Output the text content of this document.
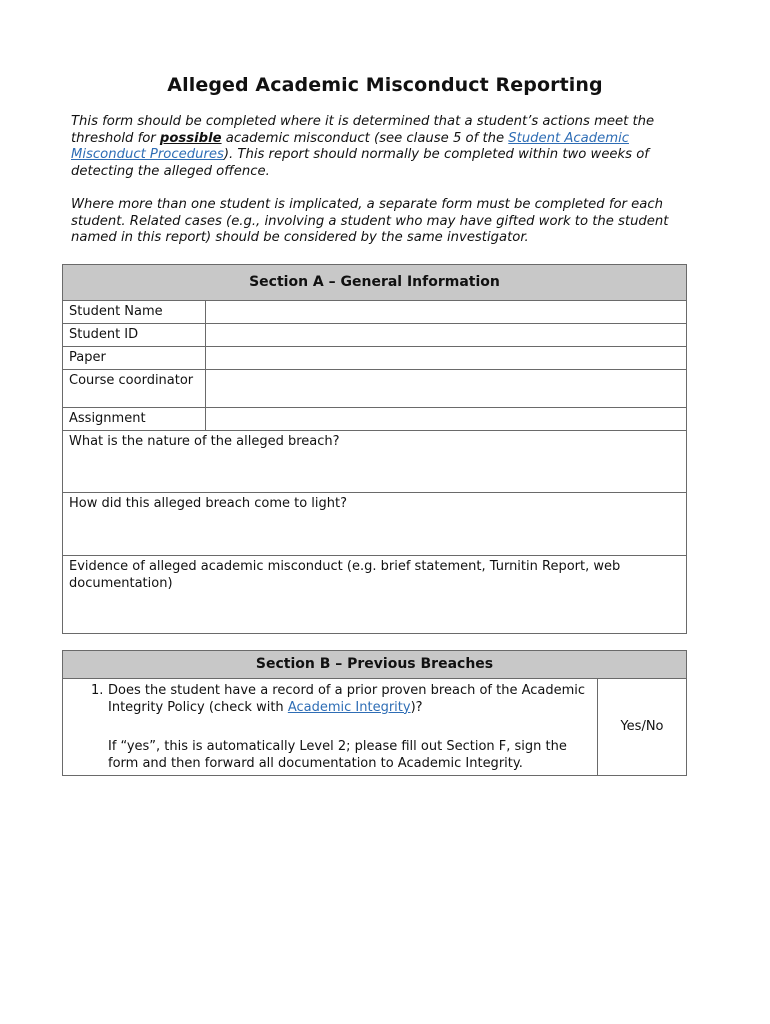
Alleged Academic Misconduct Reporting

This form should be completed where it is determined that a student’s actions meet the threshold for possible academic misconduct (see clause 5 of the Student Academic Misconduct Procedures). This report should normally be completed within two weeks of detecting the alleged offence.

Where more than one student is implicated, a separate form must be completed for each student. Related cases (e.g., involving a student who may have gifted work to the student named in this report) should be considered by the same investigator.

Section A – General Information	
Student Name	
Student ID	
Paper	
Course coordinator	
Assignment	
What is the nature of the alleged breach?	
How did this alleged breach come to light?	
Evidence of alleged academic misconduct (e.g. brief statement, Turnitin Report, web documentation)	
Section B – Previous Breaches

1. Does the student have a record of a prior proven breach of the Academic Integrity Policy (check with Academic Integrity)?

If “yes”, this is automatically Level 2; please fill out Section F, sign the form and then forward all documentation to Academic Integrity.

	Yes/No
